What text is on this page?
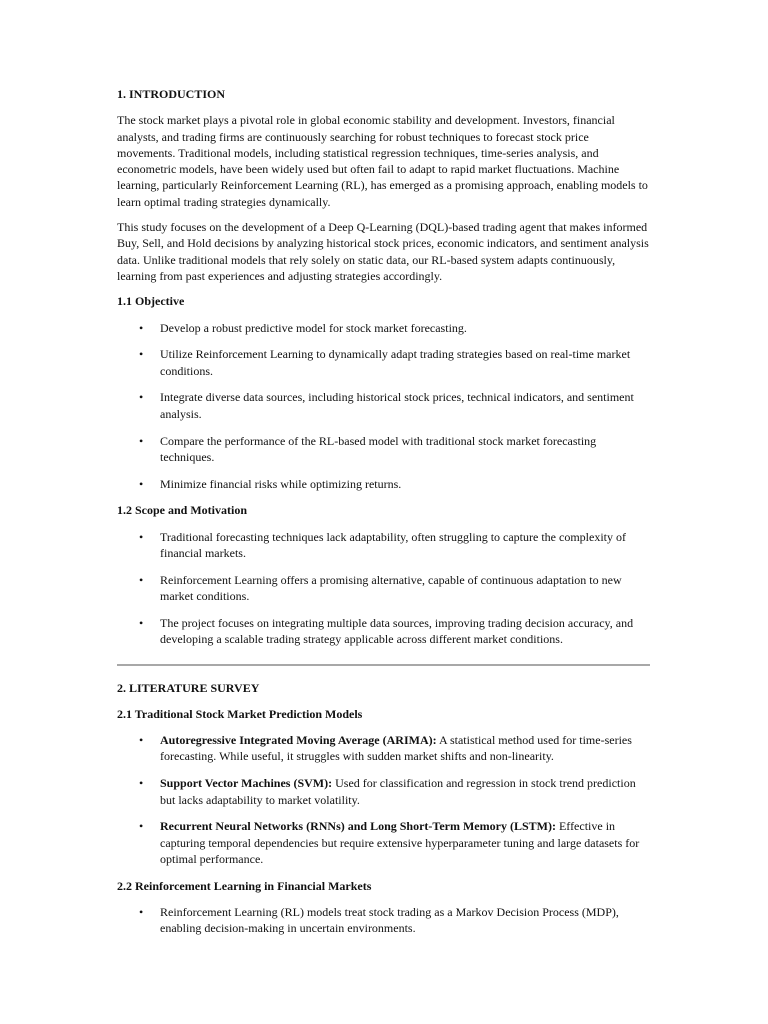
1. INTRODUCTION

The stock market plays a pivotal role in global economic stability and development. Investors, financial analysts, and trading firms are continuously searching for robust techniques to forecast stock price movements. Traditional models, including statistical regression techniques, time-series analysis, and econometric models, have been widely used but often fail to adapt to rapid market fluctuations. Machine learning, particularly Reinforcement Learning (RL), has emerged as a promising approach, enabling models to learn optimal trading strategies dynamically.

This study focuses on the development of a Deep Q-Learning (DQL)-based trading agent that makes informed Buy, Sell, and Hold decisions by analyzing historical stock prices, economic indicators, and sentiment analysis data. Unlike traditional models that rely solely on static data, our RL-based system adapts continuously, learning from past experiences and adjusting strategies accordingly.

1.1 Objective
• Develop a robust predictive model for stock market forecasting.
• Utilize Reinforcement Learning to dynamically adapt trading strategies based on real-time market conditions.
• Integrate diverse data sources, including historical stock prices, technical indicators, and sentiment analysis.
• Compare the performance of the RL-based model with traditional stock market forecasting techniques.
• Minimize financial risks while optimizing returns.
1.2 Scope and Motivation
• Traditional forecasting techniques lack adaptability, often struggling to capture the complexity of financial markets.
• Reinforcement Learning offers a promising alternative, capable of continuous adaptation to new market conditions.
• The project focuses on integrating multiple data sources, improving trading decision accuracy, and developing a scalable trading strategy applicable across different market conditions.
2. LITERATURE SURVEY
2.1 Traditional Stock Market Prediction Models
• Autoregressive Integrated Moving Average (ARIMA): A statistical method used for time-series forecasting. While useful, it struggles with sudden market shifts and non-linearity.
• Support Vector Machines (SVM): Used for classification and regression in stock trend prediction but lacks adaptability to market volatility.
• Recurrent Neural Networks (RNNs) and Long Short-Term Memory (LSTM): Effective in capturing temporal dependencies but require extensive hyperparameter tuning and large datasets for optimal performance.
2.2 Reinforcement Learning in Financial Markets
• Reinforcement Learning (RL) models treat stock trading as a Markov Decision Process (MDP), enabling decision-making in uncertain environments.
